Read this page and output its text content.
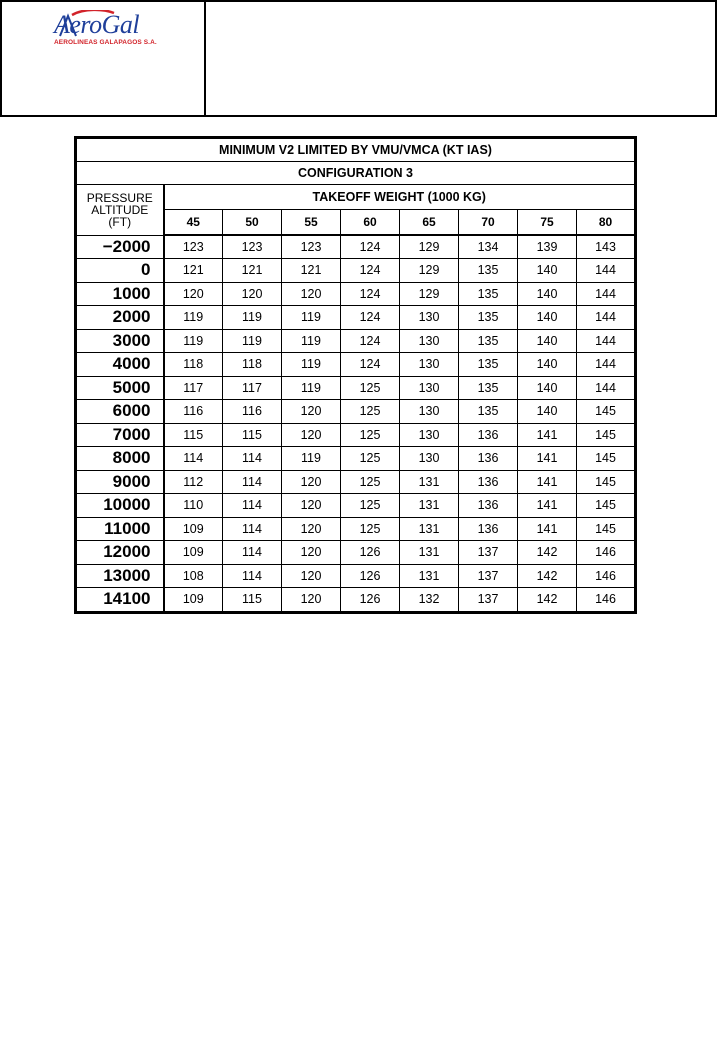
AeroGal
AEROLINEAS GALAPAGOS S.A.
MINIMUM V2 LIMITED BY VMU/VMCA (KT IAS)								
CONFIGURATION 3								
PRESSURE
ALTITUDE
(FT)	TAKEOFF WEIGHT (1000 KG)							
	45	50	55	60	65	70	75	80
−2000	123	123	123	124	129	134	139	143
0	121	121	121	124	129	135	140	144
1000	120	120	120	124	129	135	140	144
2000	119	119	119	124	130	135	140	144
3000	119	119	119	124	130	135	140	144
4000	118	118	119	124	130	135	140	144
5000	117	117	119	125	130	135	140	144
6000	116	116	120	125	130	135	140	145
7000	115	115	120	125	130	136	141	145
8000	114	114	119	125	130	136	141	145
9000	112	114	120	125	131	136	141	145
10000	110	114	120	125	131	136	141	145
11000	109	114	120	125	131	136	141	145
12000	109	114	120	126	131	137	142	146
13000	108	114	120	126	131	137	142	146
14100	109	115	120	126	132	137	142	146
